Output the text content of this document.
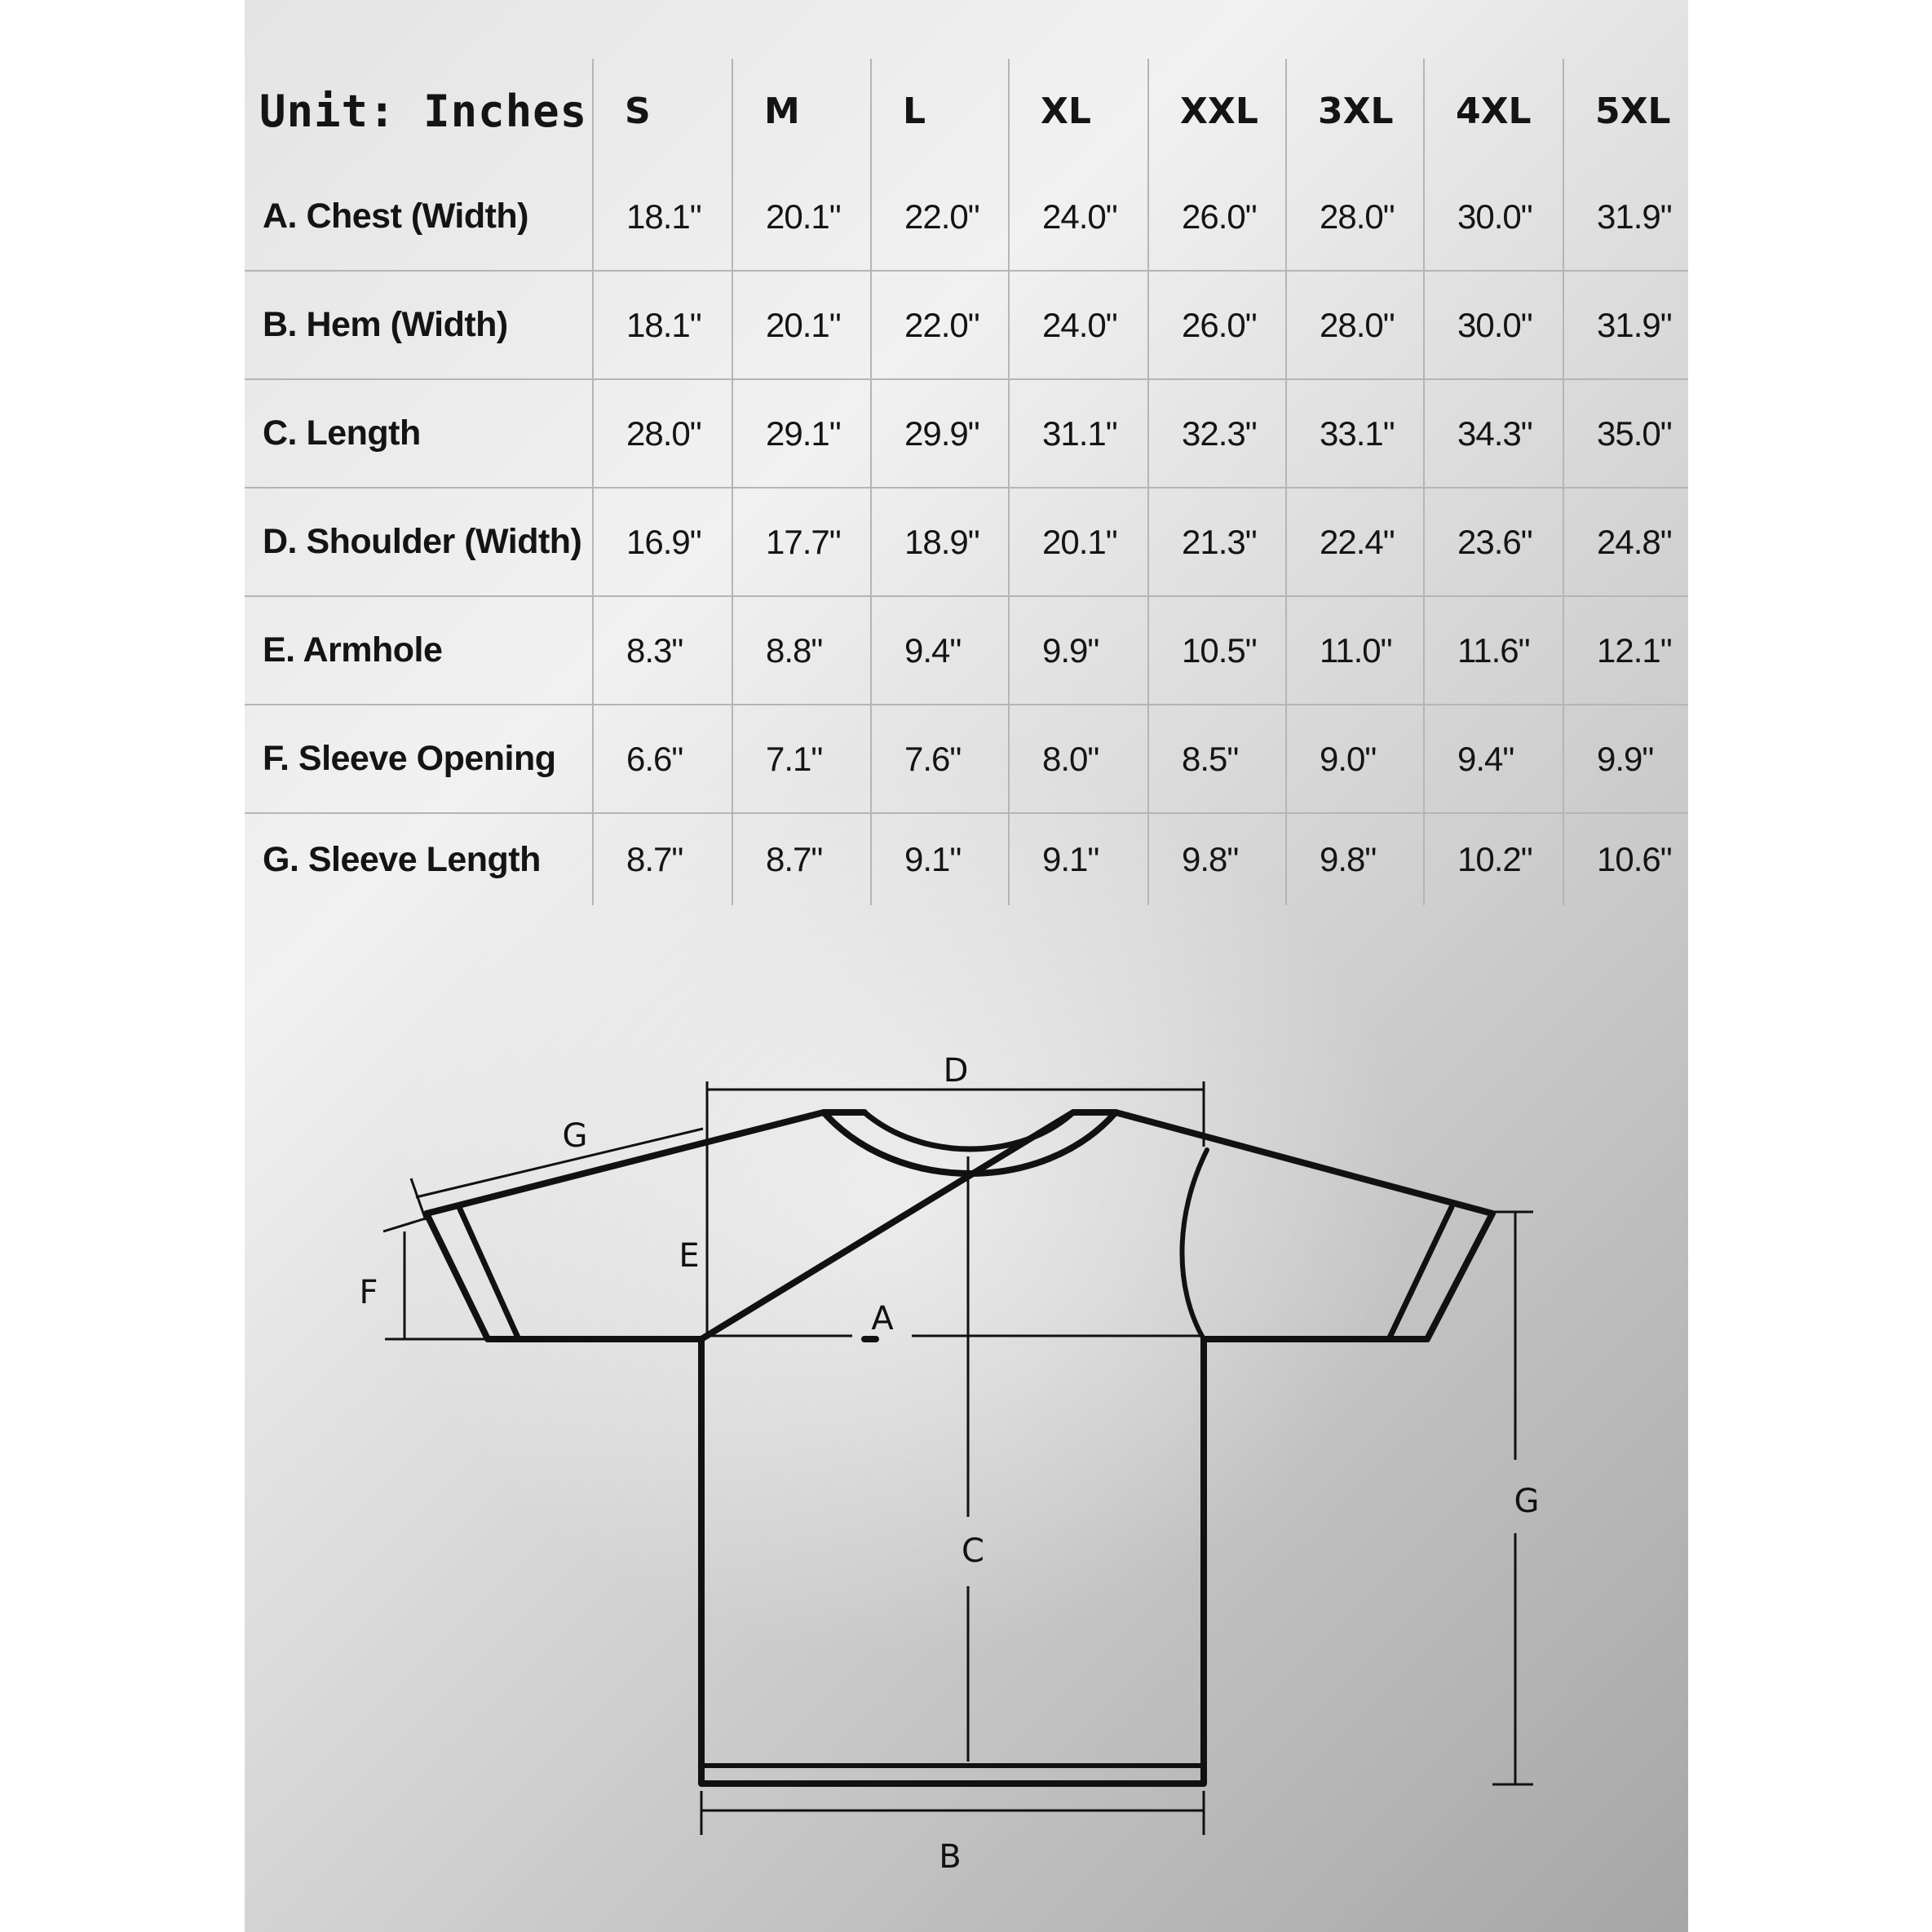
Unit: Inches	S	M	L	XL	XXL	3XL	4XL	5XL
A. Chest (Width)	18.1"	20.1"	22.0"	24.0"	26.0"	28.0"	30.0"	31.9"
B. Hem (Width)	18.1"	20.1"	22.0"	24.0"	26.0"	28.0"	30.0"	31.9"
C. Length	28.0"	29.1"	29.9"	31.1"	32.3"	33.1"	34.3"	35.0"
D. Shoulder (Width)	16.9"	17.7"	18.9"	20.1"	21.3"	22.4"	23.6"	24.8"
E. Armhole	8.3"	8.8"	9.4"	9.9"	10.5"	11.0"	11.6"	12.1"
F. Sleeve Opening	6.6"	7.1"	7.6"	8.0"	8.5"	9.0"	9.4"	9.9"
G. Sleeve Length	8.7"	8.7"	9.1"	9.1"	9.8"	9.8"	10.2"	10.6"
D
A
C
B
E
F
G
G
